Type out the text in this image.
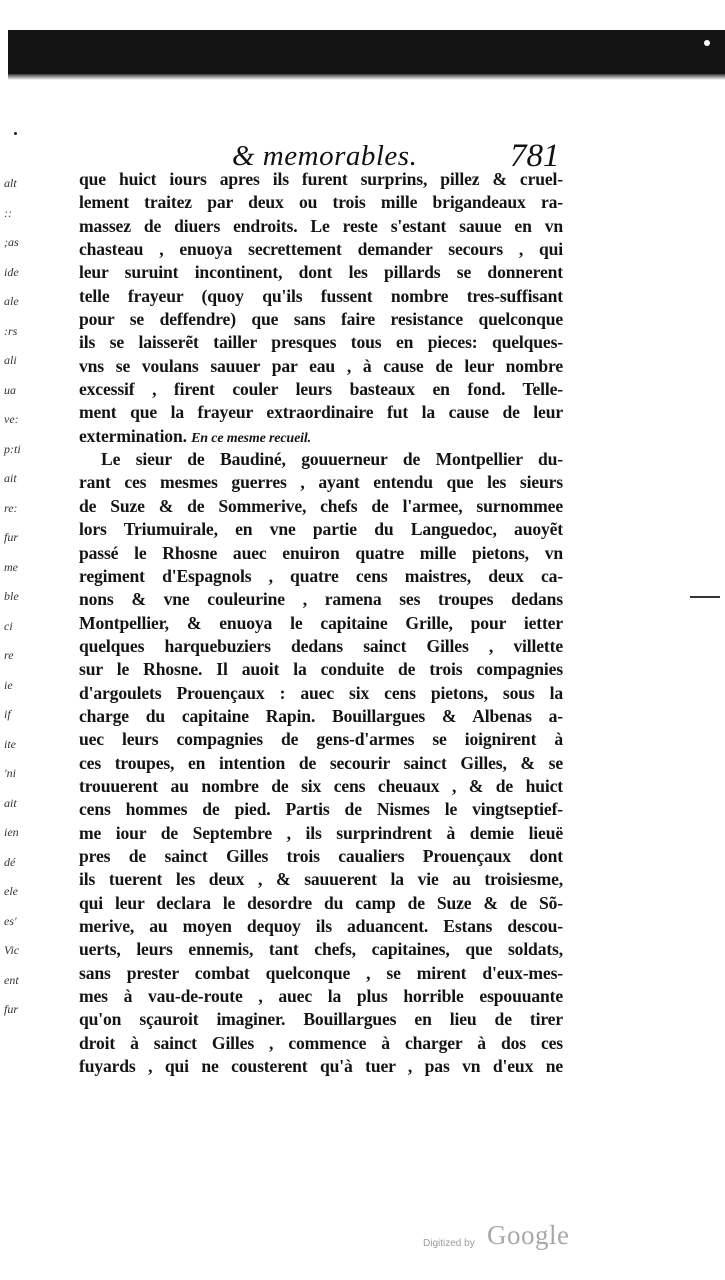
& memorables.	781
alt
::
;as
ide
ale
:rs
ali
ua
ve:
p:ti
ait
re:
fur
me
ble
ci
re
ie
if
ite
'ni
ait
ien
dé
ele
es'
Vic
ent
fur
que huict iours apres ils furent surprins, pillez & cruel-
lement traitez par deux ou trois mille brigandeaux ra-
massez de diuers endroits. Le reste s'estant sauue en vn
chasteau , enuoya secrettement demander secours , qui
leur suruint incontinent, dont les pillards se donnerent
telle frayeur (quoy qu'ils fussent nombre tres-suffisant
pour se deffendre) que sans faire resistance quelconque
ils se laisserẽt tailler presques tous en pieces: quelques-
vns se voulans sauuer par eau , à cause de leur nombre
excessif , firent couler leurs basteaux en fond. Telle-
ment que la frayeur extraordinaire fut la cause de leur
extermination. En ce mesme recueil.
Le sieur de Baudiné, gouuerneur de Montpellier du-
rant ces mesmes guerres , ayant entendu que les sieurs
de Suze & de Sommerive, chefs de l'armee, surnommee
lors Triumuirale, en vne partie du Languedoc, auoyẽt
passé le Rhosne auec enuiron quatre mille pietons, vn
regiment d'Espagnols , quatre cens maistres, deux ca-
nons & vne couleurine , ramena ses troupes dedans
Montpellier, & enuoya le capitaine Grille, pour ietter
quelques harquebuziers dedans sainct Gilles , villette
sur le Rhosne. Il auoit la conduite de trois compagnies
d'argoulets Prouençaux : auec six cens pietons, sous la
charge du capitaine Rapin. Bouillargues & Albenas a-
uec leurs compagnies de gens-d'armes se ioignirent à
ces troupes, en intention de secourir sainct Gilles, & se
trouuerent au nombre de six cens cheuaux , & de huict
cens hommes de pied. Partis de Nismes le vingtseptief-
me iour de Septembre , ils surprindrent à demie lieuë
pres de sainct Gilles trois caualiers Prouençaux dont
ils tuerent les deux , & sauuerent la vie au troisiesme,
qui leur declara le desordre du camp de Suze & de Sõ-
merive, au moyen dequoy ils aduancent. Estans descou-
uerts, leurs ennemis, tant chefs, capitaines, que soldats,
sans prester combat quelconque , se mirent d'eux-mes-
mes à vau-de-route , auec la plus horrible espouuante
qu'on sçauroit imaginer. Bouillargues en lieu de tirer
droit à sainct Gilles , commence à charger à dos ces
fuyards , qui ne cousterent qu'à tuer , pas vn d'eux ne
Digitized by Google
